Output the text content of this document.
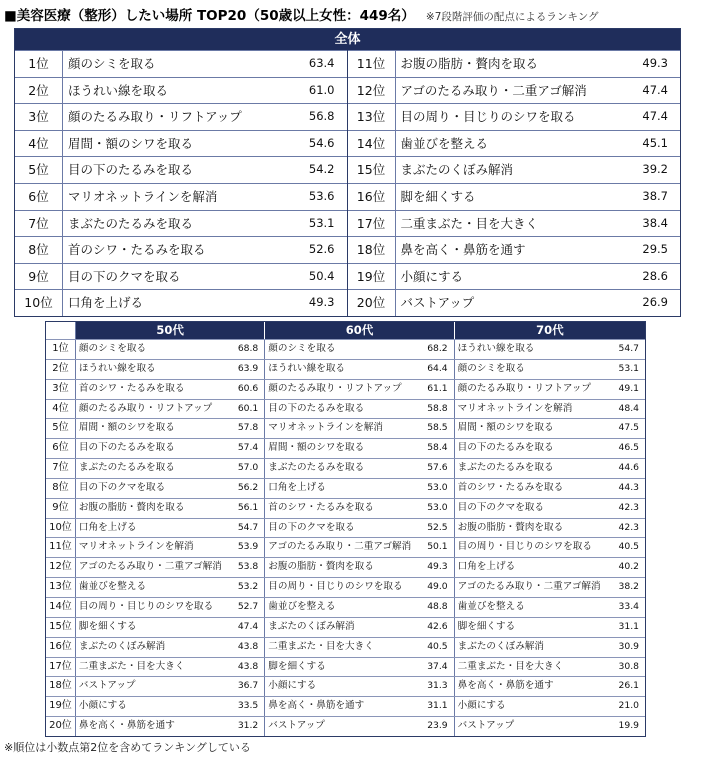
■美容医療（整形）したい場所 TOP20（50歳以上女性：449名） ※7段階評価の配点によるランキング
全体
1位	顔のシミを取る	63.4
2位	ほうれい線を取る	61.0
3位	顔のたるみ取り・リフトアップ	56.8
4位	眉間・額のシワを取る	54.6
5位	目の下のたるみを取る	54.2
6位	マリオネットラインを解消	53.6
7位	まぶたのたるみを取る	53.1
8位	首のシワ・たるみを取る	52.6
9位	目の下のクマを取る	50.4
10位	口角を上げる	49.3
11位	お腹の脂肪・贅肉を取る	49.3
12位	アゴのたるみ取り・二重アゴ解消	47.4
13位	目の周り・目じりのシワを取る	47.4
14位	歯並びを整える	45.1
15位	まぶたのくぼみ解消	39.2
16位	脚を細くする	38.7
17位	二重まぶた・目を大きく	38.4
18位	鼻を高く・鼻筋を通す	29.5
19位	小顔にする	28.6
20位	バストアップ	26.9
50代	60代	70代
1位	顔のシミを取る	68.8	顔のシミを取る	68.2	ほうれい線を取る	54.7
2位	ほうれい線を取る	63.9	ほうれい線を取る	64.4	顔のシミを取る	53.1
3位	首のシワ・たるみを取る	60.6	顔のたるみ取り・リフトアップ	61.1	顔のたるみ取り・リフトアップ	49.1
4位	顔のたるみ取り・リフトアップ	60.1	目の下のたるみを取る	58.8	マリオネットラインを解消	48.4
5位	眉間・額のシワを取る	57.8	マリオネットラインを解消	58.5	眉間・額のシワを取る	47.5
6位	目の下のたるみを取る	57.4	眉間・額のシワを取る	58.4	目の下のたるみを取る	46.5
7位	まぶたのたるみを取る	57.0	まぶたのたるみを取る	57.6	まぶたのたるみを取る	44.6
8位	目の下のクマを取る	56.2	口角を上げる	53.0	首のシワ・たるみを取る	44.3
9位	お腹の脂肪・贅肉を取る	56.1	首のシワ・たるみを取る	53.0	目の下のクマを取る	42.3
10位 口角を上げる	54.7	目の下のクマを取る	52.5	お腹の脂肪・贅肉を取る	42.3
11位 マリオネットラインを解消	53.9	アゴのたるみ取り・二重アゴ解消	50.1	目の周り・目じりのシワを取る	40.5
12位 アゴのたるみ取り・二重アゴ解消	53.8	お腹の脂肪・贅肉を取る	49.3	口角を上げる	40.2
13位 歯並びを整える	53.2	目の周り・目じりのシワを取る	49.0	アゴのたるみ取り・二重アゴ解消	38.2
14位 目の周り・目じりのシワを取る	52.7	歯並びを整える	48.8	歯並びを整える	33.4
15位 脚を細くする	47.4	まぶたのくぼみ解消	42.6	脚を細くする	31.1
16位 まぶたのくぼみ解消	43.8	二重まぶた・目を大きく	40.5	まぶたのくぼみ解消	30.9
17位 二重まぶた・目を大きく	43.8	脚を細くする	37.4	二重まぶた・目を大きく	30.8
18位 バストアップ	36.7	小顔にする	31.3	鼻を高く・鼻筋を通す	26.1
19位 小顔にする	33.5	鼻を高く・鼻筋を通す	31.1	小顔にする	21.0
20位 鼻を高く・鼻筋を通す	31.2	バストアップ	23.9	バストアップ	19.9
※順位は小数点第2位を含めてランキングしている
